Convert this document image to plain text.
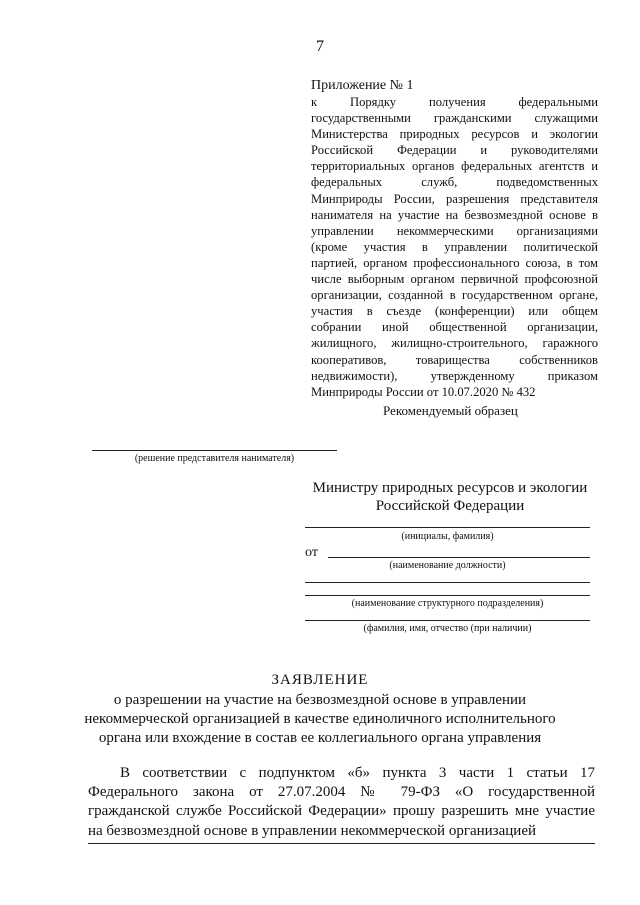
7
Приложение № 1
к Порядку получения федеральными
государственными гражданскими служащими
Министерства природных ресурсов и экологии
Российской Федерации и руководителями
территориальных органов федеральных агентств и
федеральных служб, подведомственных
Минприроды России, разрешения представителя
нанимателя на участие на безвозмездной основе в
управлении некоммерческими организациями
(кроме участия в управлении политической
партией, органом профессионального союза, в том
числе выборным органом первичной профсоюзной
организации, созданной в государственном органе,
участия в съезде (конференции) или общем
собрании иной общественной организации,
жилищного, жилищно-строительного, гаражного
кооперативов, товарищества собственников
недвижимости), утвержденному приказом
Минприроды России от 10.07.2020 № 432
Рекомендуемый образец
(решение представителя нанимателя)
Министру природных ресурсов и экологии
Российской Федерации
(инициалы, фамилия)
от
(наименование должности)
(наименование структурного подразделения)
(фамилия, имя, отчество (при наличии)
ЗАЯВЛЕНИЕ
о разрешении на участие на безвозмездной основе в управлении
некоммерческой организацией в качестве единоличного исполнительного
органа или вхождение в состав ее коллегиального органа управления
В соответствии с подпунктом «б» пункта 3 части 1 статьи 17
Федерального закона от 27.07.2004 № 79-ФЗ «О государственной
гражданской службе Российской Федерации» прошу разрешить мне участие
на безвозмездной основе в управлении некоммерческой организацией
